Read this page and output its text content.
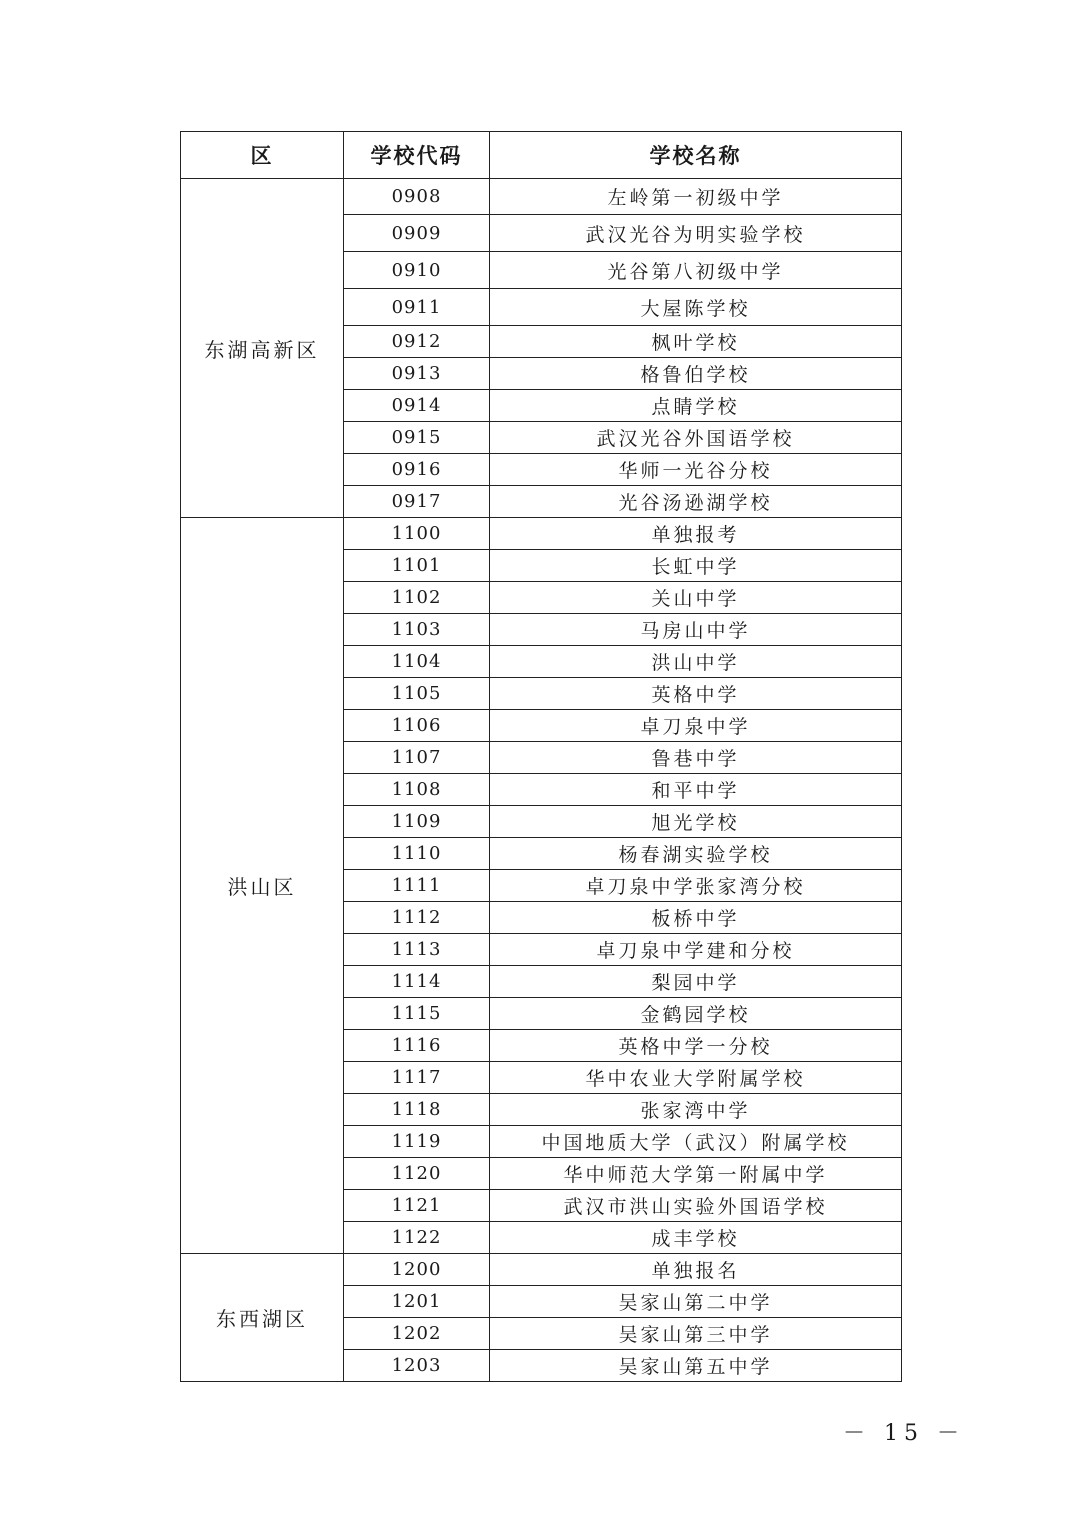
区	学校代码	学校名称
东湖高新区	0908	左岭第一初级中学
	0909	武汉光谷为明实验学校
	0910	光谷第八初级中学
	0911	大屋陈学校
	0912	枫叶学校
	0913	格鲁伯学校
	0914	点睛学校
	0915	武汉光谷外国语学校
	0916	华师一光谷分校
	0917	光谷汤逊湖学校
洪山区	1100	单独报考
	1101	长虹中学
	1102	关山中学
	1103	马房山中学
	1104	洪山中学
	1105	英格中学
	1106	卓刀泉中学
	1107	鲁巷中学
	1108	和平中学
	1109	旭光学校
	1110	杨春湖实验学校
	1111	卓刀泉中学张家湾分校
	1112	板桥中学
	1113	卓刀泉中学建和分校
	1114	梨园中学
	1115	金鹤园学校
	1116	英格中学一分校
	1117	华中农业大学附属学校
	1118	张家湾中学
	1119	中国地质大学（武汉）附属学校
	1120	华中师范大学第一附属中学
	1121	武汉市洪山实验外国语学校
	1122	成丰学校
东西湖区	1200	单独报名
	1201	吴家山第二中学
	1202	吴家山第三中学
	1203	吴家山第五中学
－ 15 －
